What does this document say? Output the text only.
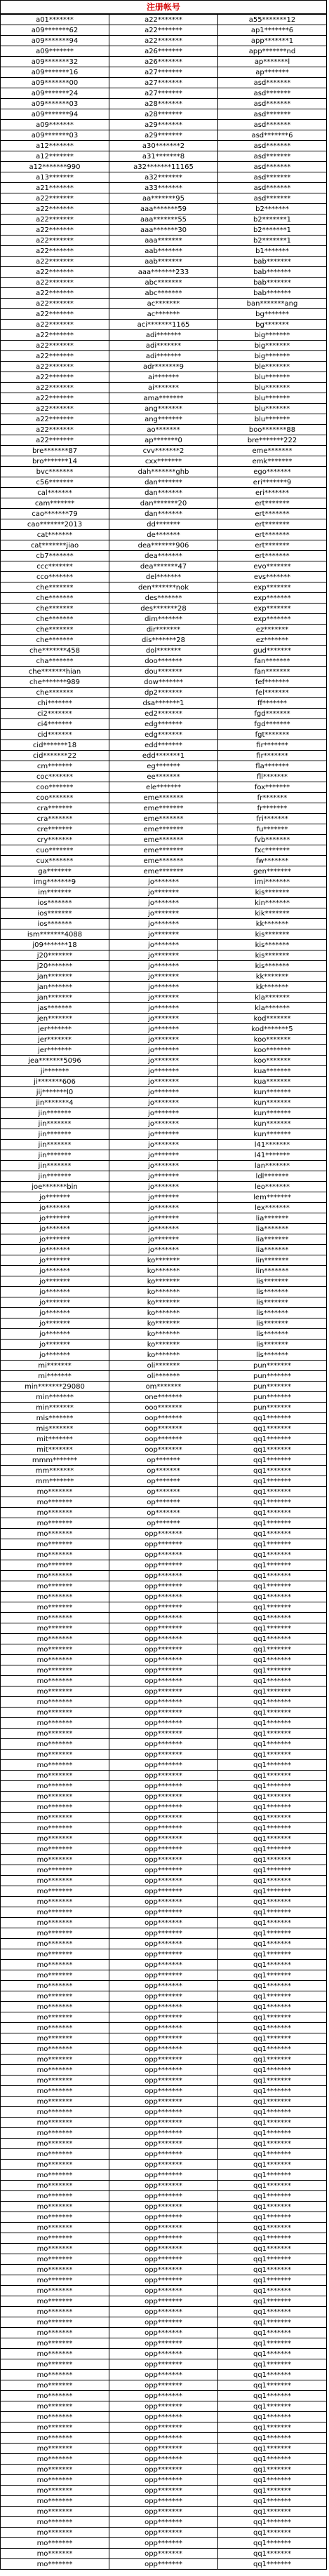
注册帐号
a01*******	a22*******	a55*******12
a09*******62	a22*******	ap1*******6
a09*******94	a22*******	app*******1
a09*******	a26*******	app*******nd
a09*******32	a26*******	ap*******l
a09*******16	a27*******	ap*******
a09*******00	a27*******	asd*******
a09*******24	a27*******	asd*******
a09*******03	a28*******	asd*******
a09*******94	a28*******	asd*******
a09*******	a29*******	asd*******
a09*******03	a29*******	asd*******6
a12*******	a30*******2	asd*******
a12*******	a31*******8	asd*******
a12*******990	a32*******11165	asd*******
a13*******	a32*******	asd*******
a21*******	a33*******	asd*******
a22*******	aa*******95	asd*******
a22*******	aaa*******59	b2*******
a22*******	aaa*******55	b2*******1
a22*******	aaa*******30	b2*******1
a22*******	aaa*******	b2*******1
a22*******	aab*******	b1*******
a22*******	aab*******	bab*******
a22*******	aaa*******233	bab*******
a22*******	abc*******	bab*******
a22*******	abc*******	bab*******
a22*******	ac*******	ban*******ang
a22*******	ac*******	bg*******
a22*******	aci*******1165	bg*******
a22*******	adi*******	big*******
a22*******	adi*******	big*******
a22*******	adi*******	big*******
a22*******	adr*******9	ble*******
a22*******	ai*******	blu*******
a22*******	ai*******	blu*******
a22*******	ama*******	blu*******
a22*******	ang*******	blu*******
a22*******	ang*******	blu*******
a22*******	ao*******	boo*******88
a22*******	ap*******0	bre*******222
bre*******87	cvv*******2	eme*******
bro*******14	cxx*******	emk*******
bvc*******	dah*******ghb	ego*******
c56*******	dan*******	eri*******9
cal*******	dan*******	eri*******
cam*******	dan*******20	ert*******
cao*******79	dan*******	ert*******
cao*******2013	dd*******	ert*******
cat*******	de*******	ert*******
cat*******jiao	dea*******906	ert*******
cb7*******	dea*******	ert*******
ccc*******	dea*******47	evo*******
cco*******	del*******	evs*******
che*******	den*******nok	exp*******
che*******	des*******	exp*******
che*******	des*******28	exp*******
che*******	dim*******	exp*******
che*******	dir*******	ez*******
che*******	dis*******28	ez*******
che*******458	dol*******	gud*******
cha*******	doo*******	fan*******
che*******hian	dou*******	fan*******
che*******989	dow*******	fef*******
che*******	dp2*******	fel*******
chi*******	dsa*******1	ff*******
ci2*******	ed2*******	fgd*******
ci4*******	edg*******	fgd*******
cid*******	edg*******	fgt*******
cid*******18	edd*******	fir*******
cid*******22	edd*******1	fir*******
cm*******	eg*******	fla*******
coc*******	ee*******	fll*******
coo*******	ele*******	fox*******
coo*******	eme*******	fr*******
cra*******	eme*******	fr*******
cra*******	eme*******	fri*******
cre*******	eme*******	fu*******
cry*******	eme*******	fvb*******
cuo*******	eme*******	fxc*******
cux*******	eme*******	fw*******
ga*******	eme*******	gen*******
img*******9	jo*******	imi*******
im*******	jo*******	kis*******
ios*******	jo*******	kin*******
ios*******	jo*******	kik*******
ios*******	jo*******	kk*******
ism*******4088	jo*******	kis*******
j09*******18	jo*******	kis*******
j20*******	jo*******	kis*******
j20*******	jo*******	kis*******
jan*******	jo*******	kk*******
jan*******	jo*******	kk*******
jan*******	jo*******	kla*******
jas*******	jo*******	kla*******
jen*******	jo*******	kod*******
jer*******	jo*******	kod*******5
jer*******	jo*******	koo*******
jer*******	jo*******	koo*******
jea*******5096	jo*******	koo*******
ji*******	jo*******	kua*******
ji*******606	jo*******	kua*******
jij*******l0	jo*******	kun*******
jin*******4	jo*******	kun*******
jin*******	jo*******	kun*******
jin*******	jo*******	kun*******
jin*******	jo*******	kun*******
jin*******	jo*******	l41*******
jin*******	jo*******	l41*******
jin*******	jo*******	lan*******
jin*******	jo*******	ldl*******
joe*******bin	jo*******	leo*******
jo*******	jo*******	lem*******
jo*******	jo*******	lex*******
jo*******	jo*******	lia*******
jo*******	jo*******	lia*******
jo*******	jo*******	lia*******
jo*******	jo*******	lia*******
jo*******	ko*******	lin*******
jo*******	ko*******	lin*******
jo*******	ko*******	lis*******
jo*******	ko*******	lis*******
jo*******	ko*******	lis*******
jo*******	ko*******	lis*******
jo*******	ko*******	lis*******
jo*******	ko*******	lis*******
jo*******	ko*******	lis*******
jo*******	ko*******	lis*******
mi*******	oli*******	pun*******
mi*******	oli*******	pun*******
min*******29080	om*******	pun*******
min*******	one*******	pun*******
min*******	ooo*******	pun*******
mis*******	oop*******	qq1*******
mis*******	oop*******	qq1*******
mit*******	oop*******	qq1*******
mit*******	oop*******	qq1*******
mmm*******	op*******	qq1*******
mm*******	op*******	qq1*******
mm*******	op*******	qq1*******
mo*******	op*******	qq1*******
mo*******	op*******	qq1*******
mo*******	op*******	qq1*******
mo*******	op*******	qq1*******
mo*******	opp*******	qq1*******
mo*******	opp*******	qq1*******
mo*******	opp*******	qq1*******
mo*******	opp*******	qq1*******
mo*******	opp*******	qq1*******
mo*******	opp*******	qq1*******
mo*******	opp*******	qq1*******
mo*******	opp*******	qq1*******
mo*******	opp*******	qq1*******
mo*******	opp*******	qq1*******
mo*******	opp*******	qq1*******
mo*******	opp*******	qq1*******
mo*******	opp*******	qq1*******
mo*******	opp*******	qq1*******
mo*******	opp*******	qq1*******
mo*******	opp*******	qq1*******
mo*******	opp*******	qq1*******
mo*******	opp*******	qq1*******
mo*******	opp*******	qq1*******
mo*******	opp*******	qq1*******
mo*******	opp*******	qq1*******
mo*******	opp*******	qq1*******
mo*******	opp*******	qq1*******
mo*******	opp*******	qq1*******
mo*******	opp*******	qq1*******
mo*******	opp*******	qq1*******
mo*******	opp*******	qq1*******
mo*******	opp*******	qq1*******
mo*******	opp*******	qq1*******
mo*******	opp*******	qq1*******
mo*******	opp*******	qq1*******
mo*******	opp*******	qq1*******
mo*******	opp*******	qq1*******
mo*******	opp*******	qq1*******
mo*******	opp*******	qq1*******
mo*******	opp*******	qq1*******
mo*******	opp*******	qq1*******
mo*******	opp*******	qq1*******
mo*******	opp*******	qq1*******
mo*******	opp*******	qq1*******
mo*******	opp*******	qq1*******
mo*******	opp*******	qq1*******
mo*******	opp*******	qq1*******
mo*******	opp*******	qq1*******
mo*******	opp*******	qq1*******
mo*******	opp*******	qq1*******
mo*******	opp*******	qq1*******
mo*******	opp*******	qq1*******
mo*******	opp*******	qq1*******
mo*******	opp*******	qq1*******
mo*******	opp*******	qq1*******
mo*******	opp*******	qq1*******
mo*******	opp*******	qq1*******
mo*******	opp*******	qq1*******
mo*******	opp*******	qq1*******
mo*******	opp*******	qq1*******
mo*******	opp*******	qq1*******
mo*******	opp*******	qq1*******
mo*******	opp*******	qq1*******
mo*******	opp*******	qq1*******
mo*******	opp*******	qq1*******
mo*******	opp*******	qq1*******
mo*******	opp*******	qq1*******
mo*******	opp*******	qq1*******
mo*******	opp*******	qq1*******
mo*******	opp*******	qq1*******
mo*******	opp*******	qq1*******
mo*******	opp*******	qq1*******
mo*******	opp*******	qq1*******
mo*******	opp*******	qq1*******
mo*******	opp*******	qq1*******
mo*******	opp*******	qq1*******
mo*******	opp*******	qq1*******
mo*******	opp*******	qq1*******
mo*******	opp*******	qq1*******
mo*******	opp*******	qq1*******
mo*******	opp*******	qq1*******
mo*******	opp*******	qq1*******
mo*******	opp*******	qq1*******
mo*******	opp*******	qq1*******
mo*******	opp*******	qq1*******
mo*******	opp*******	qq1*******
mo*******	opp*******	qq1*******
mo*******	opp*******	qq1*******
mo*******	opp*******	qq1*******
mo*******	opp*******	qq1*******
mo*******	opp*******	qq1*******
mo*******	opp*******	qq1*******
mo*******	opp*******	qq1*******
mo*******	opp*******	qq1*******
mo*******	opp*******	qq1*******
mo*******	opp*******	qq1*******
mo*******	opp*******	qq1*******
mo*******	opp*******	qq1*******
mo*******	opp*******	qq1*******
mo*******	opp*******	qq1*******
mo*******	opp*******	qq1*******
mo*******	opp*******	qq1*******
mo*******	opp*******	qq1*******
